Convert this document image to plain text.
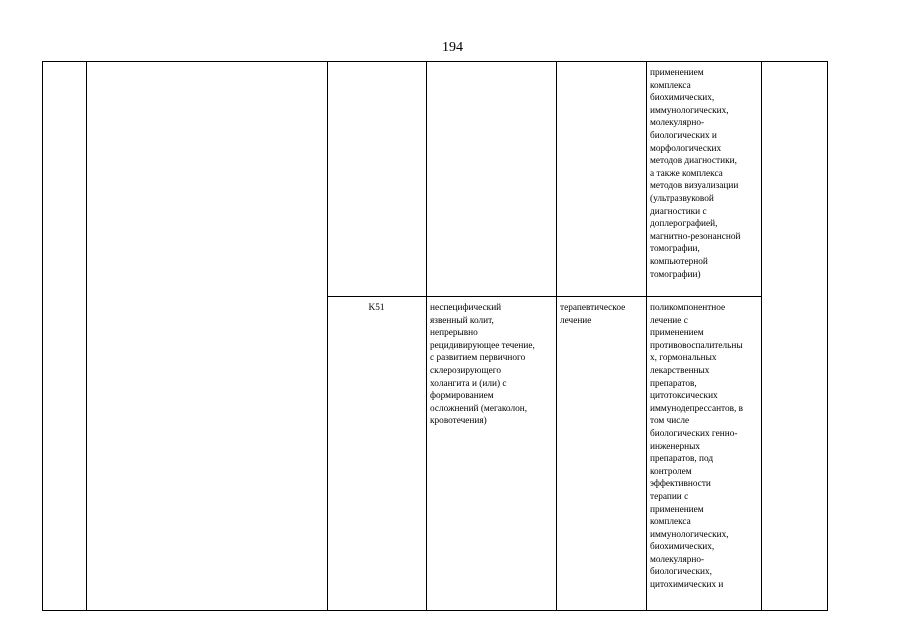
194
применением
комплекса
биохимических,
иммунологических,
молекулярно-
биологических и
морфологических
методов диагностики,
а также комплекса
методов визуализации
(ультразвуковой
диагностики с
доплерографией,
магнитно-резонансной
томографии,
компьютерной
томографии)
K51	неспецифический
язвенный колит,
непрерывно
рецидивирующее течение,
с развитием первичного
склерозирующего
холангита и (или) с
формированием
осложнений (мегаколон,
кровотечения)
терапевтическое
лечение
поликомпонентное
лечение с
применением
противовоспалительны
х, гормональных
лекарственных
препаратов,
цитотоксических
иммунодепрессантов, в
том числе
биологических генно-
инженерных
препаратов, под
контролем
эффективности
терапии с
применением
комплекса
иммунологических,
биохимических,
молекулярно-
биологических,
цитохимических и
